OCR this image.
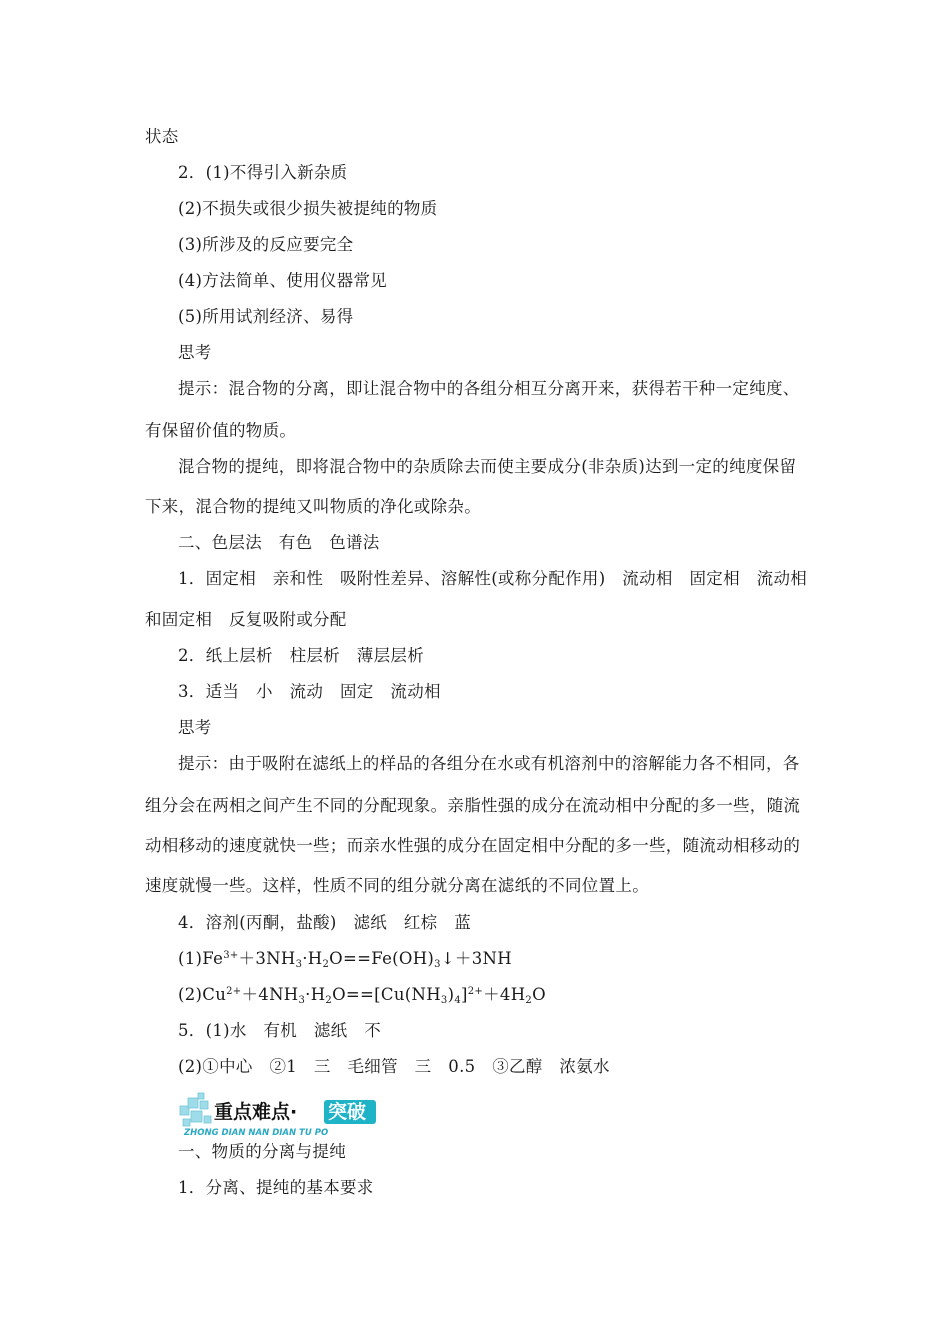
状态
2．(1)不得引入新杂质
(2)不损失或很少损失被提纯的物质
(3)所涉及的反应要完全
(4)方法简单、使用仪器常见
(5)所用试剂经济、易得
思考
提示：混合物的分离，即让混合物中的各组分相互分离开来，获得若干种一定纯度、
有保留价值的物质。
混合物的提纯，即将混合物中的杂质除去而使主要成分(非杂质)达到一定的纯度保留
下来，混合物的提纯又叫物质的净化或除杂。
二、色层法　有色　色谱法
1．固定相　亲和性　吸附性差异、溶解性(或称分配作用)　流动相　固定相　流动相
和固定相　反复吸附或分配
2．纸上层析　柱层析　薄层层析
3．适当　小　流动　固定　流动相
思考
提示：由于吸附在滤纸上的样品的各组分在水或有机溶剂中的溶解能力各不相同，各
组分会在两相之间产生不同的分配现象。亲脂性强的成分在流动相中分配的多一些，随流
动相移动的速度就快一些；而亲水性强的成分在固定相中分配的多一些，随流动相移动的
速度就慢一些。这样，性质不同的组分就分离在滤纸的不同位置上。
4．溶剂(丙酮，盐酸)　滤纸　红棕　蓝
$(1)Fe^{3+}+3NH_3\cdot H_2O==Fe(OH)_3↓+3NH$
$(2)Cu^{2+}+4NH_3\cdot H_2O==[Cu(NH_3)_4]^{2+}+4H_2O$
5．(1)水　有机　滤纸　不
(2)①中心　②1　三　毛细管　三　0.5　③乙醇　浓氨水
重点难点· 突破
ZHONG DIAN NAN DIAN TU PO
一、物质的分离与提纯
1．分离、提纯的基本要求
